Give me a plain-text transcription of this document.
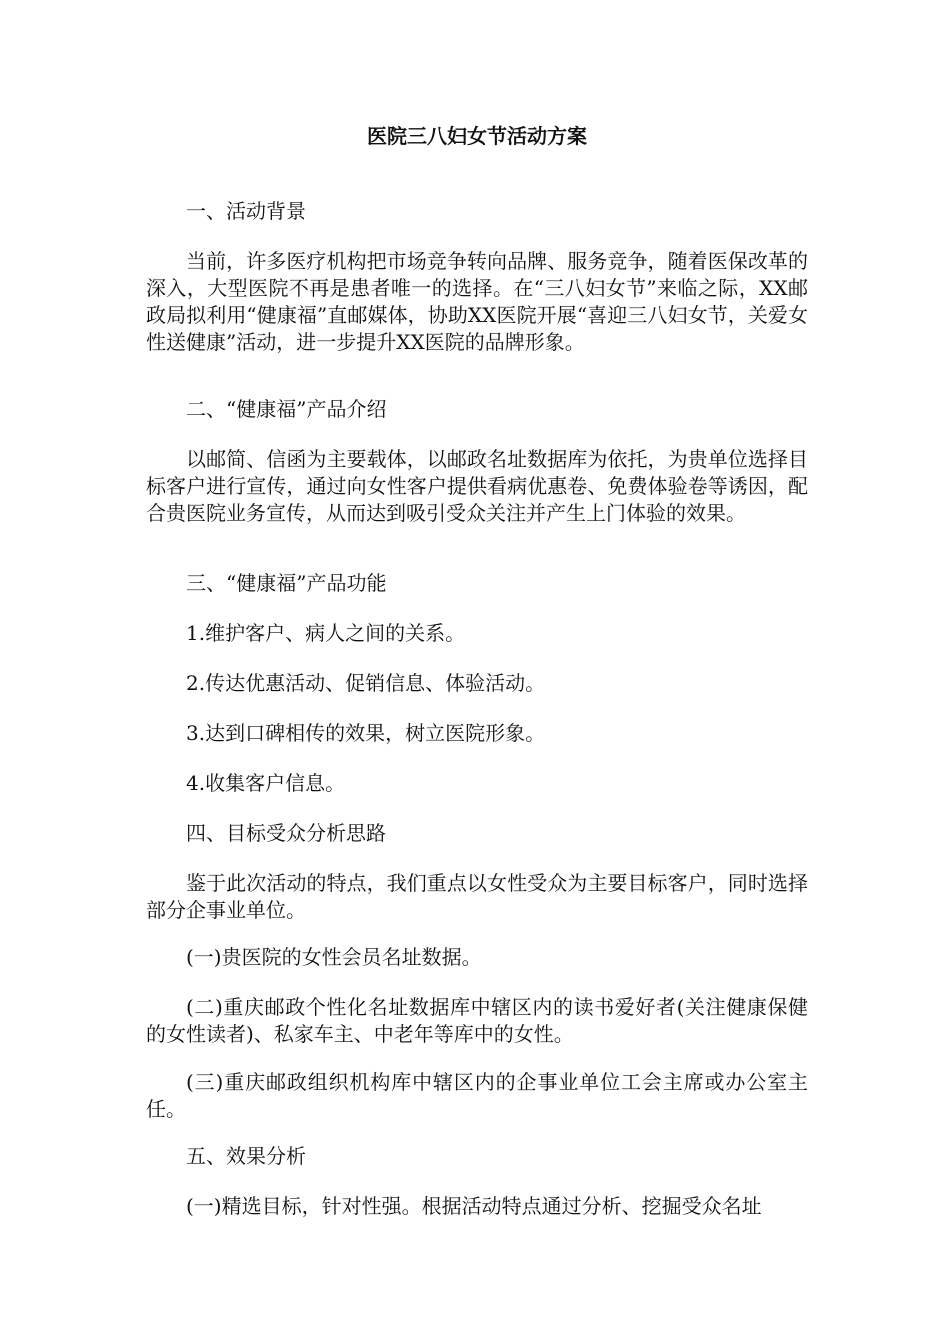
医院三八妇女节活动方案

一、活动背景

当前，许多医疗机构把市场竞争转向品牌、服务竞争，随着医保改革的深入，大型医院不再是患者唯一的选择。在“三八妇女节”来临之际，XX邮政局拟利用“健康福”直邮媒体，协助XX医院开展“喜迎三八妇女节，关爱女性送健康”活动，进一步提升XX医院的品牌形象。

二、“健康福”产品介绍

以邮简、信函为主要载体，以邮政名址数据库为依托，为贵单位选择目标客户进行宣传，通过向女性客户提供看病优惠卷、免费体验卷等诱因，配合贵医院业务宣传，从而达到吸引受众关注并产生上门体验的效果。

三、“健康福”产品功能

1.维护客户、病人之间的关系。

2.传达优惠活动、促销信息、体验活动。

3.达到口碑相传的效果，树立医院形象。

4.收集客户信息。

四、目标受众分析思路

鉴于此次活动的特点，我们重点以女性受众为主要目标客户，同时选择部分企事业单位。

(一)贵医院的女性会员名址数据。

(二)重庆邮政个性化名址数据库中辖区内的读书爱好者(关注健康保健的女性读者)、私家车主、中老年等库中的女性。

(三)重庆邮政组织机构库中辖区内的企事业单位工会主席或办公室主任。

五、效果分析

(一)精选目标，针对性强。根据活动特点通过分析、挖掘受众名址
